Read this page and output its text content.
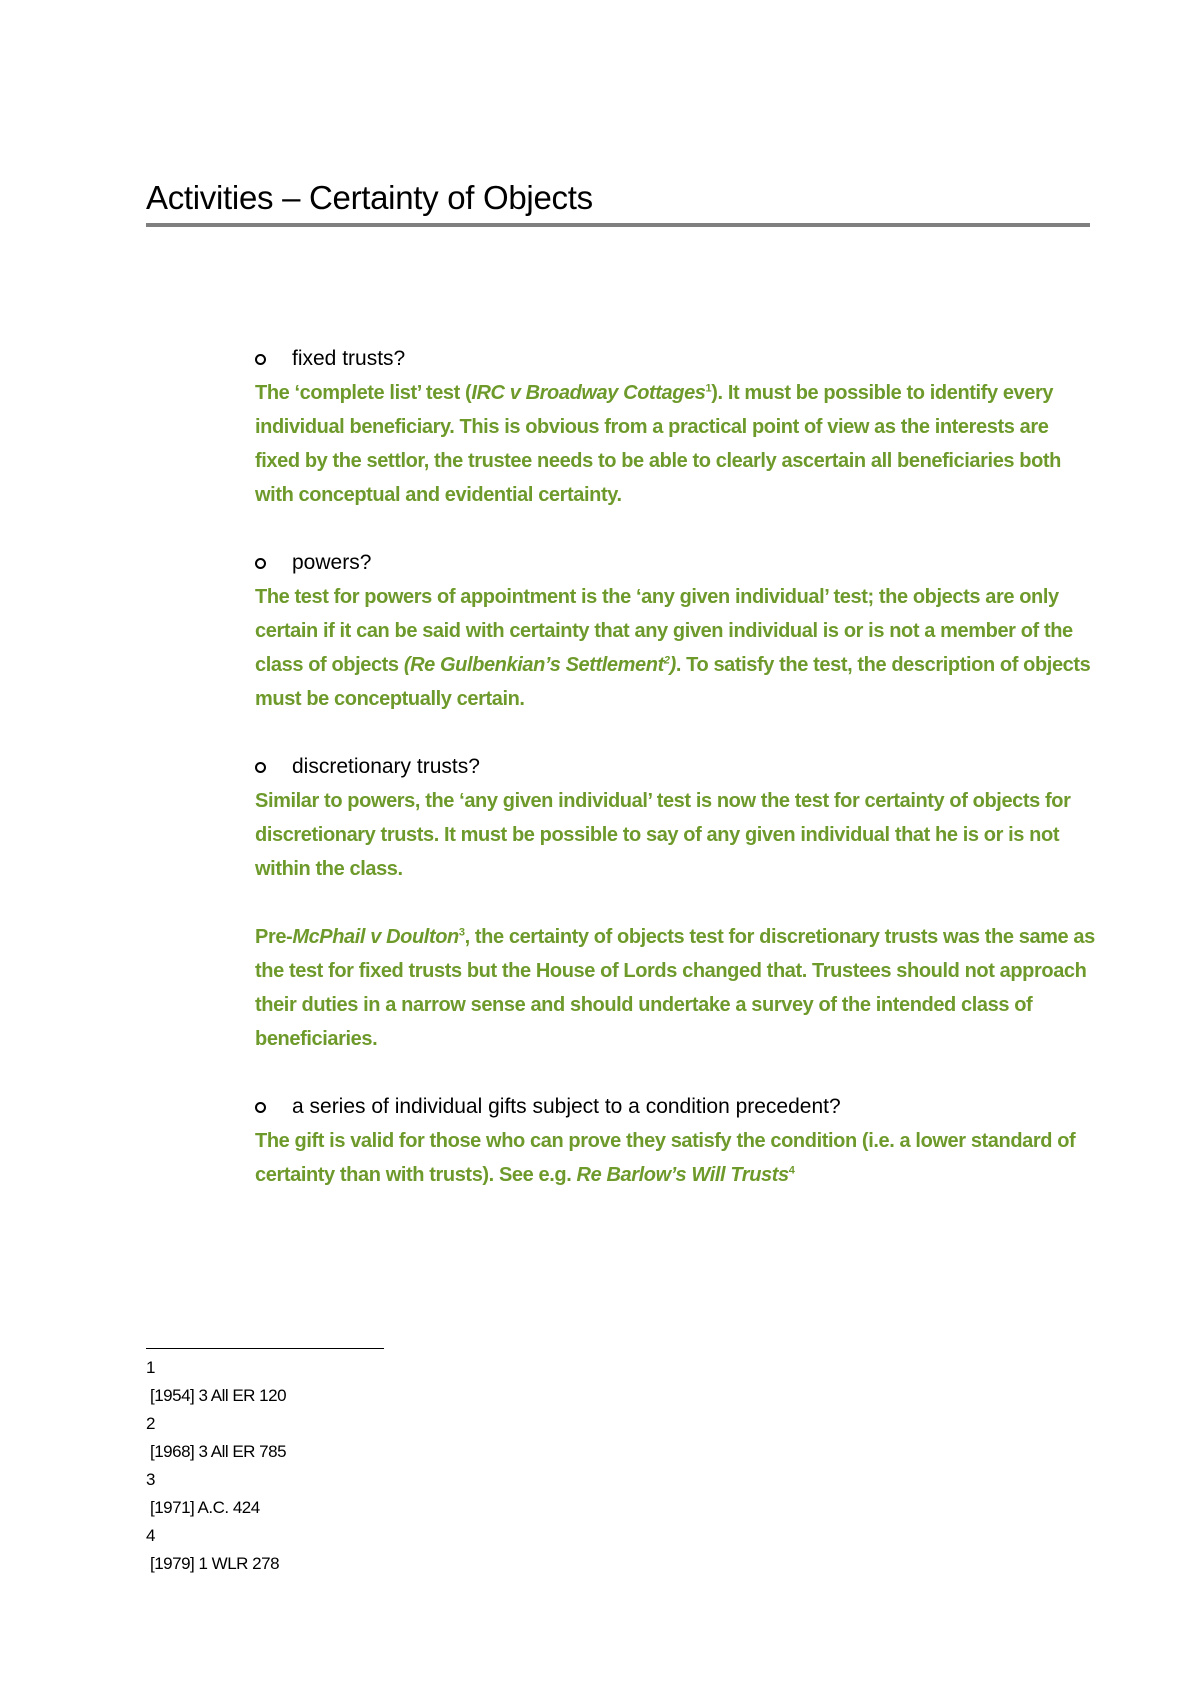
Activities – Certainty of Objects
fixed trusts?

The ‘complete list’ test (IRC v Broadway Cottages$^1$). It must be possible to identify every individual beneficiary. This is obvious from a practical point of view as the interests are fixed by the settlor, the trustee needs to be able to clearly ascertain all beneficiaries both with conceptual and evidential certainty.

powers?

The test for powers of appointment is the ‘any given individual’ test; the objects are only certain if it can be said with certainty that any given individual is or is not a member of the class of objects (Re Gulbenkian’s Settlement$^2$). To satisfy the test, the description of objects must be conceptually certain.

discretionary trusts?

Similar to powers, the ‘any given individual’ test is now the test for certainty of objects for discretionary trusts. It must be possible to say of any given individual that he is or is not within the class.

Pre-McPhail v Doulton$^3$, the certainty of objects test for discretionary trusts was the same as the test for fixed trusts but the House of Lords changed that. Trustees should not approach their duties in a narrow sense and should undertake a survey of the intended class of beneficiaries.

a series of individual gifts subject to a condition precedent?

The gift is valid for those who can prove they satisfy the condition (i.e. a lower standard of certainty than with trusts). See e.g. Re Barlow’s Will Trusts$^4$

1
[1954] 3 All ER 120
2
[1968] 3 All ER 785
3
[1971] A.C. 424
4
[1979] 1 WLR 278
